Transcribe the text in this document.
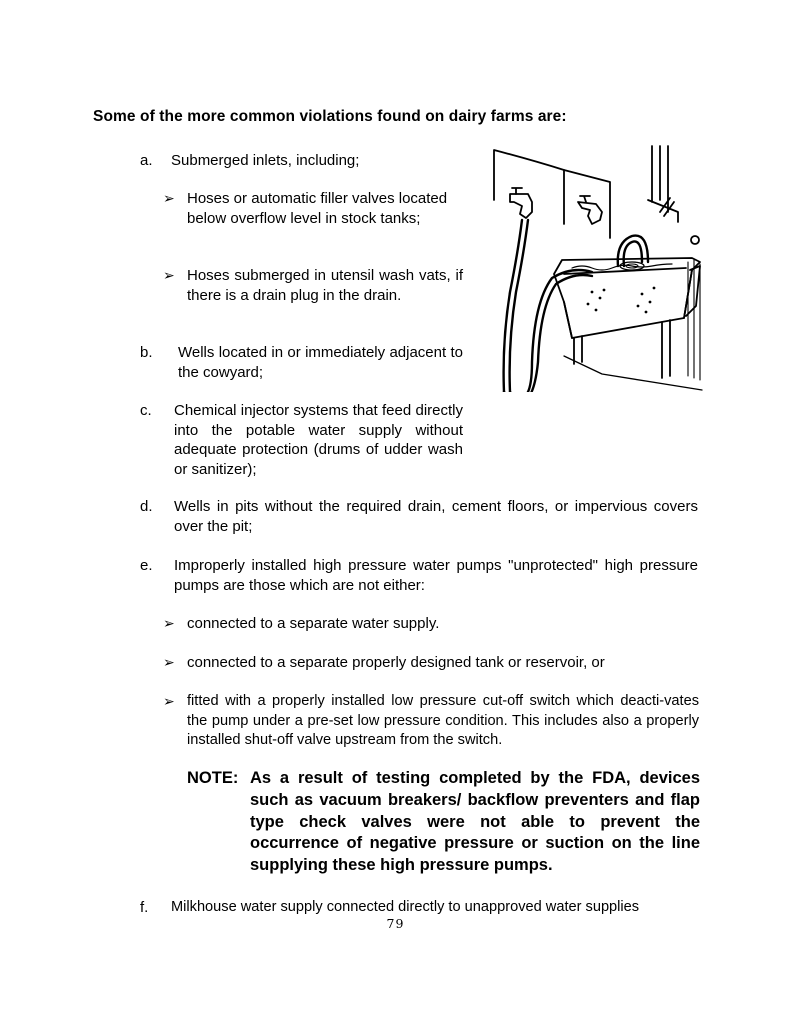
Some of the more common violations found on dairy farms are:
a. Submerged inlets, including;
➢ Hoses or automatic filler valves located below overflow level in stock tanks;
➢ Hoses submerged in utensil wash vats, if there is a drain plug in the drain.
b. Wells located in or immediately adjacent to the cowyard;
c. Chemical injector systems that feed directly into the potable water supply without adequate protection (drums of udder wash or sanitizer);
d. Wells in pits without the required drain, cement floors, or impervious covers over the pit;
e. Improperly installed high pressure water pumps "unprotected" high pressure pumps are those which are not either:
➢ connected to a separate water supply.
➢ connected to a separate properly designed tank or reservoir, or
➢ fitted with a properly installed low pressure cut-off switch which deacti-vates the pump under a pre-set low pressure condition. This includes also a properly installed shut-off valve upstream from the switch.
NOTE: As a result of testing completed by the FDA, devices such as vacuum breakers/ backflow preventers and flap type check valves were not able to prevent the occurrence of negative pressure or suction on the line supplying these high pressure pumps.
f. Milkhouse water supply connected directly to unapproved water supplies
79
